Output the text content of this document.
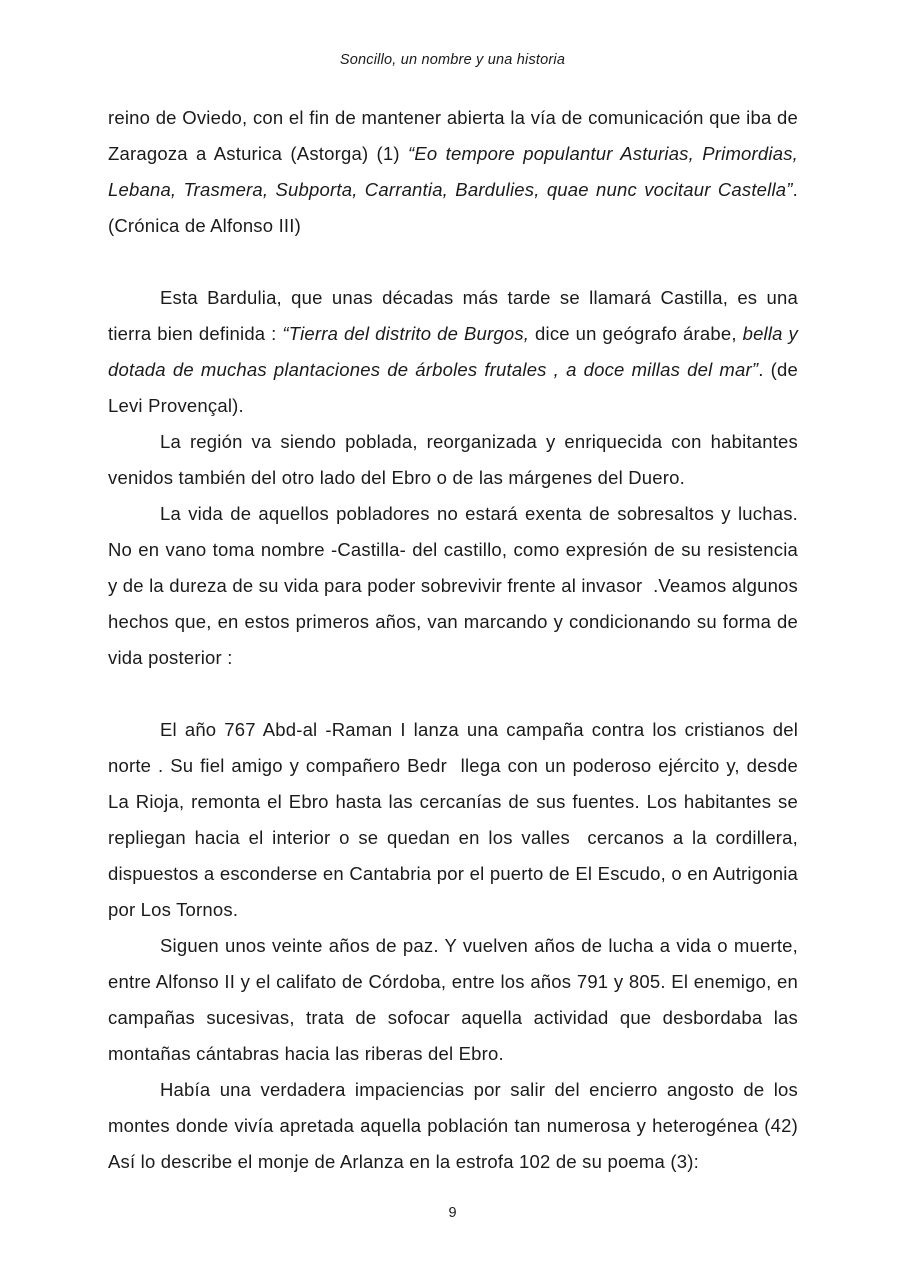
Soncillo, un nombre y una historia

reino de Oviedo, con el fin de mantener abierta la vía de comunicación que iba de Zaragoza a Asturica (Astorga) (1) “Eo tempore populantur Asturias, Primordias, Lebana, Trasmera, Subporta, Carrantia, Bardulies, quae nunc vocitaur Castella”. (Crónica de Alfonso III)

Esta Bardulia, que unas décadas más tarde se llamará Castilla, es una tierra bien definida : “Tierra del distrito de Burgos, dice un geógrafo árabe, bella y dotada de muchas plantaciones de árboles frutales , a doce millas del mar”. (de Levi Provençal).

La región va siendo poblada, reorganizada y enriquecida con habitantes venidos también del otro lado del Ebro o de las márgenes del Duero.

La vida de aquellos pobladores no estará exenta de sobresaltos y luchas. No en vano toma nombre -Castilla- del castillo, como expresión de su resistencia y de la dureza de su vida para poder sobrevivir frente al invasor  .Veamos algunos hechos que, en estos primeros años, van marcando y condicionando su forma de vida posterior :

El año 767 Abd-al -Raman I lanza una campaña contra los cristianos del norte . Su fiel amigo y compañero Bedr  llega con un poderoso ejército y, desde La Rioja, remonta el Ebro hasta las cercanías de sus fuentes. Los habitantes se repliegan hacia el interior o se quedan en los valles  cercanos a la cordillera, dispuestos a esconderse en Cantabria por el puerto de El Escudo, o en Autrigonia por Los Tornos.

Siguen unos veinte años de paz. Y vuelven años de lucha a vida o muerte, entre Alfonso II y el califato de Córdoba, entre los años 791 y 805. El enemigo, en campañas sucesivas, trata de sofocar aquella actividad que desbordaba las montañas cántabras hacia las riberas del Ebro.

Había una verdadera impaciencias por salir del encierro angosto de los montes donde vivía apretada aquella población tan numerosa y heterogénea (42) Así lo describe el monje de Arlanza en la estrofa 102 de su poema (3):

9
